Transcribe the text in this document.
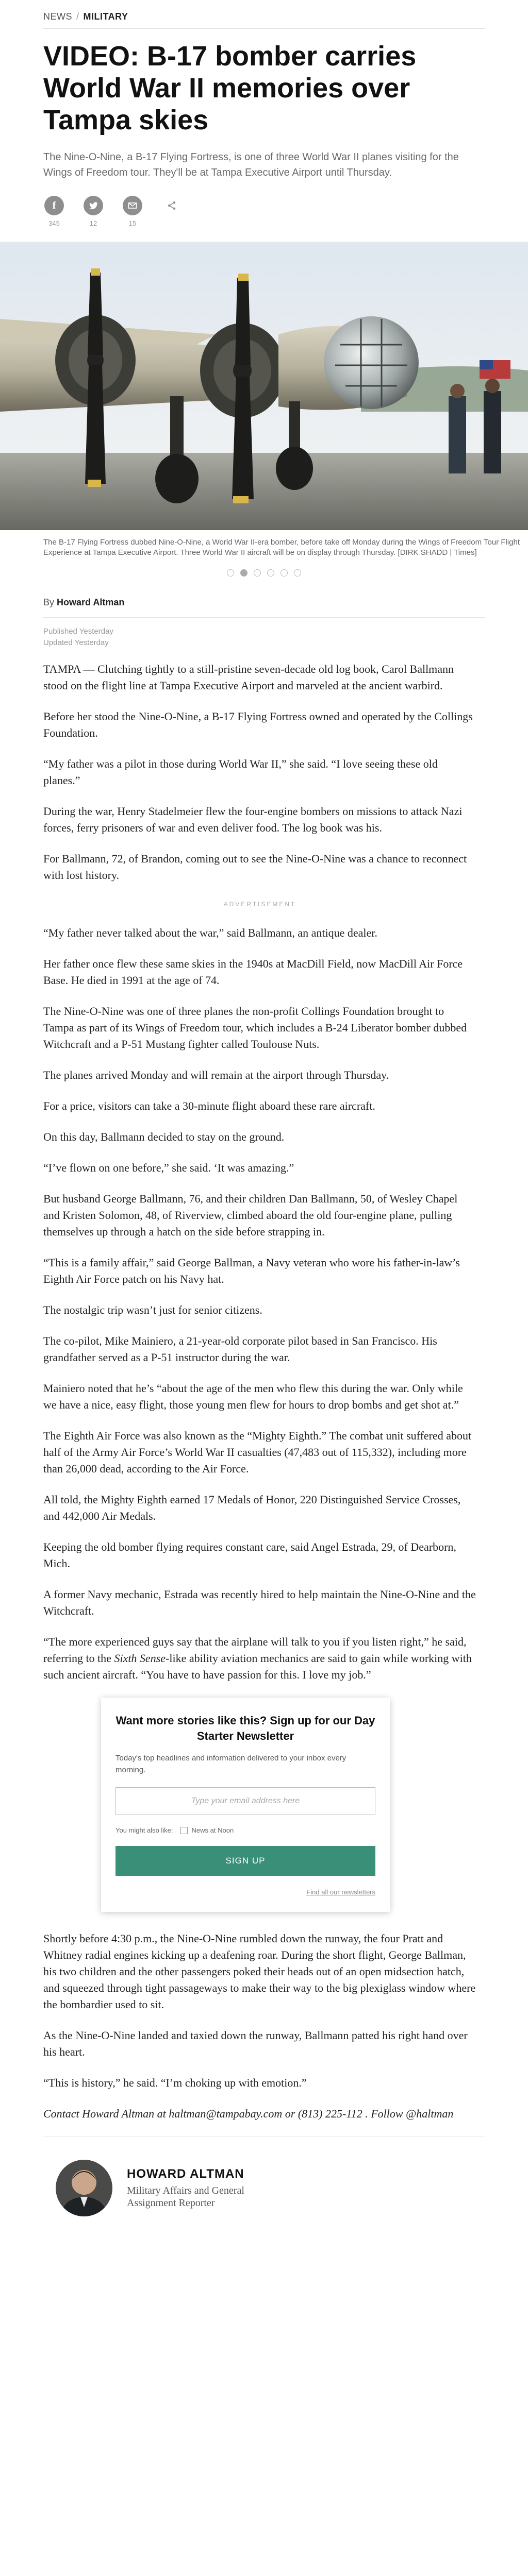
NEWS / MILITARY
VIDEO: B-17 bomber carries World War II memories over Tampa skies
The Nine-O-Nine, a B-17 Flying Fortress, is one of three World War II planes visiting for the Wings of Freedom tour. They'll be at Tampa Executive Airport until Thursday.
f
345	12	15
The B-17 Flying Fortress dubbed Nine-O-Nine, a World War II-era bomber, before take off Monday during the Wings of Freedom Tour Flight Experience at Tampa Executive Airport. Three World War II aircraft will be on display through Thursday. [DIRK SHADD | Times]
By Howard Altman
Published Yesterday
Updated Yesterday

TAMPA — Clutching tightly to a still-pristine seven-decade old log book, Carol Ballmann stood on the flight line at Tampa Executive Airport and marveled at the ancient warbird.

Before her stood the Nine-O-Nine, a B-17 Flying Fortress owned and operated by the Collings Foundation.

“My father was a pilot in those during World War II,” she said. “I love seeing these old planes.”

During the war, Henry Stadelmeier flew the four-engine bombers on missions to attack Nazi forces, ferry prisoners of war and even deliver food. The log book was his.

For Ballmann, 72, of Brandon, coming out to see the Nine-O-Nine was a chance to reconnect with lost history.

ADVERTISEMENT

“My father never talked about the war,” said Ballmann, an antique dealer.

Her father once flew these same skies in the 1940s at MacDill Field, now MacDill Air Force Base. He died in 1991 at the age of 74.

The Nine-O-Nine was one of three planes the non-profit Collings Foundation brought to Tampa as part of its Wings of Freedom tour, which includes a B-24 Liberator bomber dubbed Witchcraft and a P-51 Mustang fighter called Toulouse Nuts.

The planes arrived Monday and will remain at the airport through Thursday.

For a price, visitors can take a 30-minute flight aboard these rare aircraft.

On this day, Ballmann decided to stay on the ground.

“I’ve flown on one before,” she said. ‘It was amazing.”

But husband George Ballmann, 76, and their children Dan Ballmann, 50, of Wesley Chapel and Kristen Solomon, 48, of Riverview, climbed aboard the old four-engine plane, pulling themselves up through a hatch on the side before strapping in.

“This is a family affair,” said George Ballman, a Navy veteran who wore his father-in-law’s Eighth Air Force patch on his Navy hat.

The nostalgic trip wasn’t just for senior citizens.

The co-pilot, Mike Mainiero, a 21-year-old corporate pilot based in San Francisco. His grandfather served as a P-51 instructor during the war.

Mainiero noted that he’s “about the age of the men who flew this during the war. Only while we have a nice, easy flight, those young men flew for hours to drop bombs and get shot at.”

The Eighth Air Force was also known as the “Mighty Eighth.” The combat unit suffered about half of the Army Air Force’s World War II casualties (47,483 out of 115,332), including more than 26,000 dead, according to the Air Force.

All told, the Mighty Eighth earned 17 Medals of Honor, 220 Distinguished Service Crosses, and 442,000 Air Medals.

Keeping the old bomber flying requires constant care, said Angel Estrada, 29, of Dearborn, Mich.

A former Navy mechanic, Estrada was recently hired to help maintain the Nine-O-Nine and the Witchcraft.

“The more experienced guys say that the airplane will talk to you if you listen right,” he said, referring to the Sixth Sense-like ability aviation mechanics are said to gain while working with such ancient aircraft. “You have to have passion for this. I love my job.”

Want more stories like this? Sign up for our Day Starter Newsletter
Today's top headlines and information delivered to your inbox every morning.
Type your email address here
You might also like:	News at Noon
SIGN UP
Find all our newsletters

Shortly before 4:30 p.m., the Nine-O-Nine rumbled down the runway, the four Pratt and Whitney radial engines kicking up a deafening roar. During the short flight, George Ballman, his two children and the other passengers poked their heads out of an open midsection hatch, and squeezed through tight passageways to make their way to the big plexiglass window where the bombardier used to sit.

As the Nine-O-Nine landed and taxied down the runway, Ballmann patted his right hand over his heart.

“This is history,” he said. “I’m choking up with emotion.”

Contact Howard Altman at haltman@tampabay.com or (813) 225-112 . Follow @haltman

HOWARD ALTMAN
Military Affairs and General Assignment Reporter
